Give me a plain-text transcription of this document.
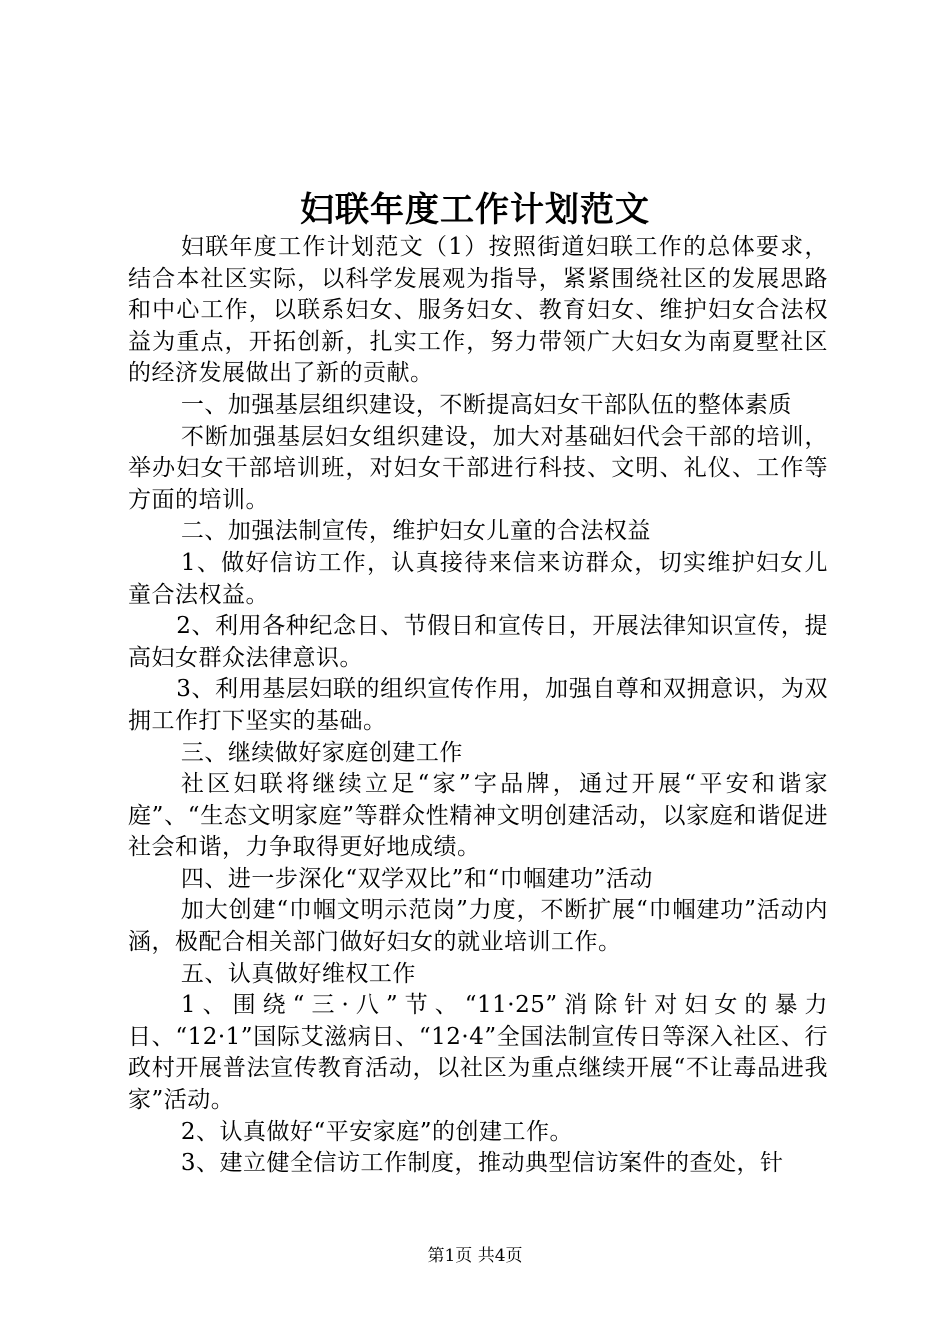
妇联年度工作计划范文

妇联年度工作计划范文（1）按照街道妇联工作的总体要求，结合本社区实际，以科学发展观为指导，紧紧围绕社区的发展思路和中心工作，以联系妇女、服务妇女、教育妇女、维护妇女合法权益为重点，开拓创新，扎实工作，努力带领广大妇女为南夏墅社区的经济发展做出了新的贡献。

一、加强基层组织建设，不断提高妇女干部队伍的整体素质

不断加强基层妇女组织建设，加大对基础妇代会干部的培训，举办妇女干部培训班，对妇女干部进行科技、文明、礼仪、工作等方面的培训。

二、加强法制宣传，维护妇女儿童的合法权益

1、做好信访工作，认真接待来信来访群众，切实维护妇女儿童合法权益。

2、利用各种纪念日、节假日和宣传日，开展法律知识宣传，提高妇女群众法律意识。

3、利用基层妇联的组织宣传作用，加强自尊和双拥意识，为双拥工作打下坚实的基础。

三、继续做好家庭创建工作

社区妇联将继续立足“家”字品牌，通过开展“平安和谐家庭”、“生态文明家庭”等群众性精神文明创建活动，以家庭和谐促进社会和谐，力争取得更好地成绩。

四、进一步深化“双学双比”和“巾帼建功”活动

加大创建“巾帼文明示范岗”力度，不断扩展“巾帼建功”活动内涵，极配合相关部门做好妇女的就业培训工作。

五、认真做好维权工作

1、围绕“三·八”节、“11·25”消除针对妇女的暴力日、“12·1”国际艾滋病日、“12·4”全国法制宣传日等深入社区、行政村开展普法宣传教育活动，以社区为重点继续开展“不让毒品进我家”活动。

2、认真做好“平安家庭”的创建工作。

3、建立健全信访工作制度，推动典型信访案件的查处，针

第1页 共4页
